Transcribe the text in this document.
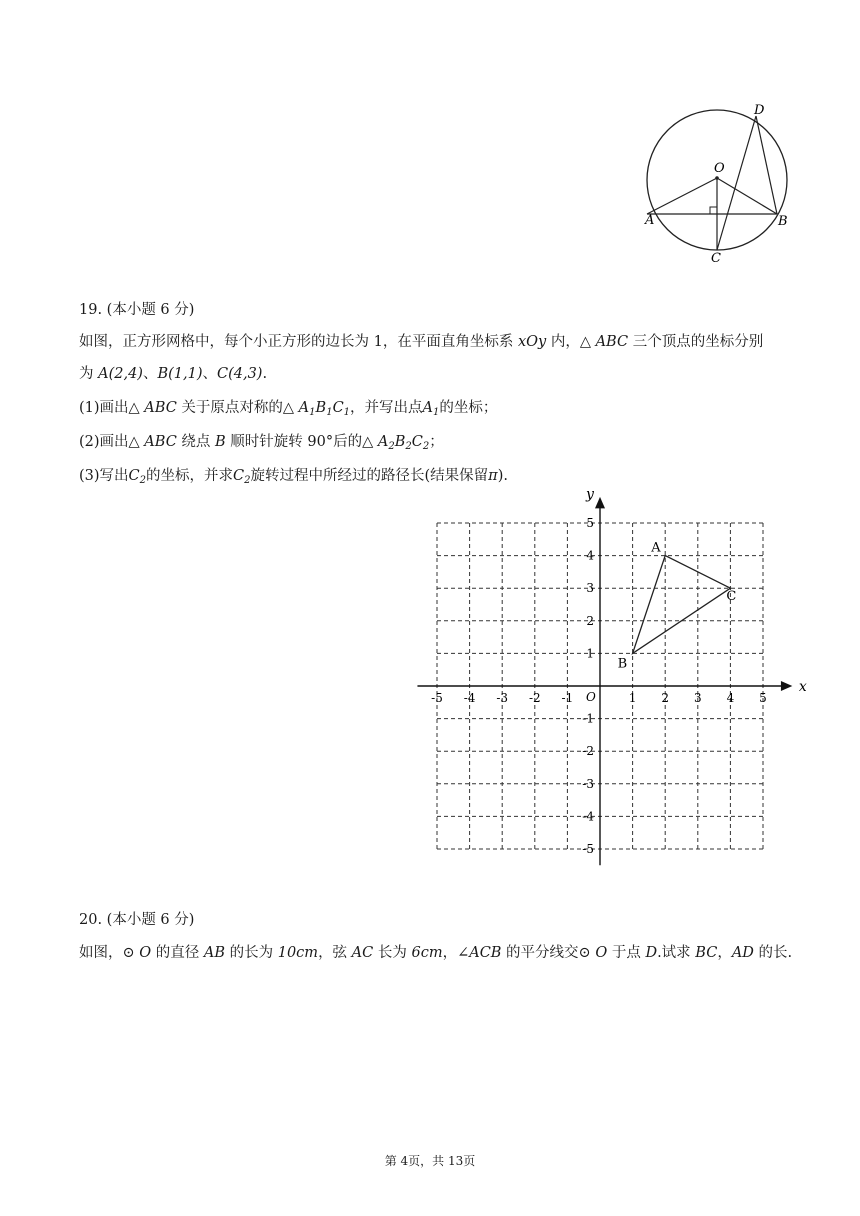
D
O
A	B
C
19. (本小题 6 分)
如图，正方形网格中，每个小正方形的边长为 1，在平面直角坐标系 xOy 内，△ ABC 三个顶点的坐标分别
为 A(2,4)、B(1,1)、C(4,3).
(1)画出△ ABC 关于原点对称的△ $A_1B_1C_1$，并写出点$A_1$的坐标；
(2)画出△ ABC 绕点 B 顺时针旋转 90°后的△ $A_2B_2C_2$；
(3)写出$C_2$的坐标，并求$C_2$旋转过程中所经过的路径长(结果保留π).
x
y
O
-5 -4 -3 -2 -1	1 2 3 4 5
5
4
3
2
1
-1
-2
-3
-4
-5
A
B
C
20. (本小题 6 分)
如图，⊙ O 的直径 AB 的长为 10cm，弦 AC 长为 6cm，∠ACB 的平分线交⊙ O 于点 D.试求 BC，AD 的长.
第 4页，共 13页
